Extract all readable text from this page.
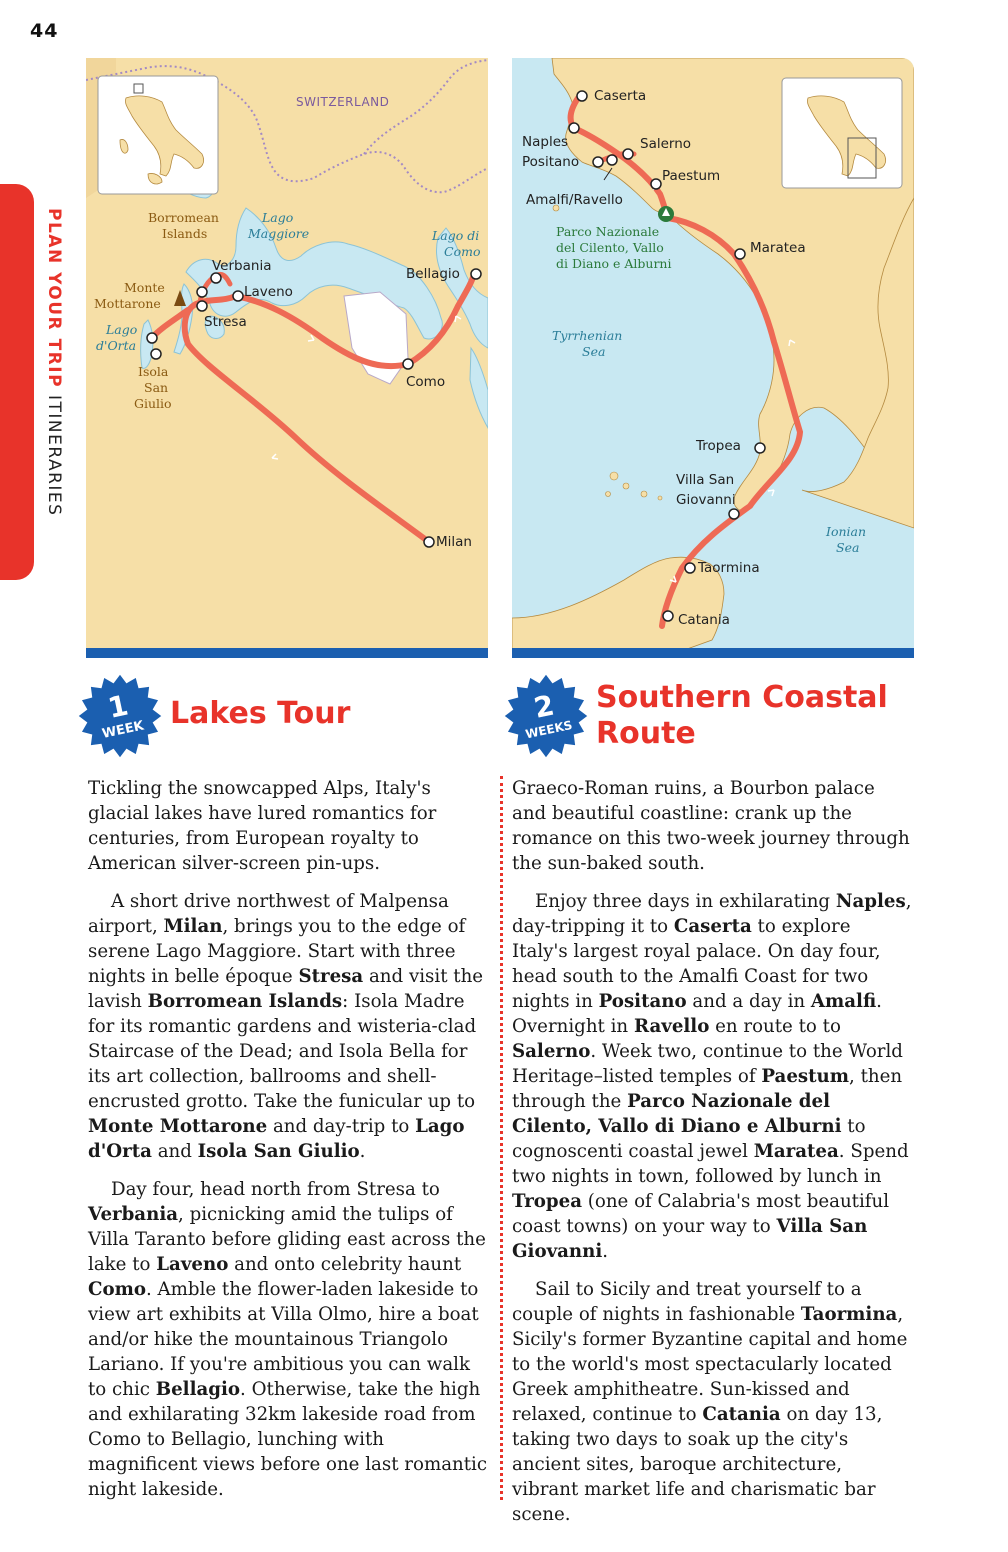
44
PLAN YOUR TRIP ITINERARIES
SWITZERLAND
Lago
Maggiore	Lago di
Como
Lago
d'Orta
Borromean
Islands
Monte
Mottarone
Isola
San
Giulio
Verbania
Laveno
Stresa
Bellagio
Como
Milan
Caserta
Naples
Positano
Salerno
Paestum
Amalfi/Ravello
Parco Nazionale
del Cilento, Vallo
di Diano e Alburni
Maratea
Tyrrhenian
Sea
Tropea
Villa San
Giovanni
Ionian
Sea
Taormina
Catania
1
WEEK Lakes Tour	2
WEEKS
Southern Coastal
Route

Tickling the snowcapped Alps, Italy's glacial lakes have lured romantics for centuries, from European royalty to American silver-screen pin-ups.

A short drive northwest of Malpensa airport, Milan, brings you to the edge of serene Lago Maggiore. Start with three nights in belle époque Stresa and visit the lavish Borromean Islands: Isola Madre for its romantic gardens and wisteria-clad Staircase of the Dead; and Isola Bella for its art collection, ballrooms and shell-encrusted grotto. Take the funicular up to Monte Mottarone and day-trip to Lago d'Orta and Isola San Giulio.

Day four, head north from Stresa to Verbania, picnicking amid the tulips of Villa Taranto before gliding east across the lake to Laveno and onto celebrity haunt Como. Amble the flower-laden lakeside to view art exhibits at Villa Olmo, hire a boat and/or hike the mountainous Triangolo Lariano. If you're ambitious you can walk to chic Bellagio. Otherwise, take the high and exhilarating 32km lakeside road from Como to Bellagio, lunching with magnificent views before one last romantic night lakeside.

Graeco-Roman ruins, a Bourbon palace and beautiful coastline: crank up the romance on this two-week journey through the sun-baked south.

Enjoy three days in exhilarating Naples, day-tripping it to Caserta to explore Italy's largest royal palace. On day four, head south to the Amalfi Coast for two nights in Positano and a day in Amalfi. Overnight in Ravello en route to to Salerno. Week two, continue to the World Heritage–listed temples of Paestum, then through the Parco Nazionale del Cilento, Vallo di Diano e Alburni to cognoscenti coastal jewel Maratea. Spend two nights in town, followed by lunch in Tropea (one of Calabria's most beautiful coast towns) on your way to Villa San Giovanni.

Sail to Sicily and treat yourself to a couple of nights in fashionable Taormina, Sicily's former Byzantine capital and home to the world's most spectacularly located Greek amphitheatre. Sun-kissed and relaxed, continue to Catania on day 13, taking two days to soak up the city's ancient sites, baroque architecture, vibrant market life and charismatic bar scene.
